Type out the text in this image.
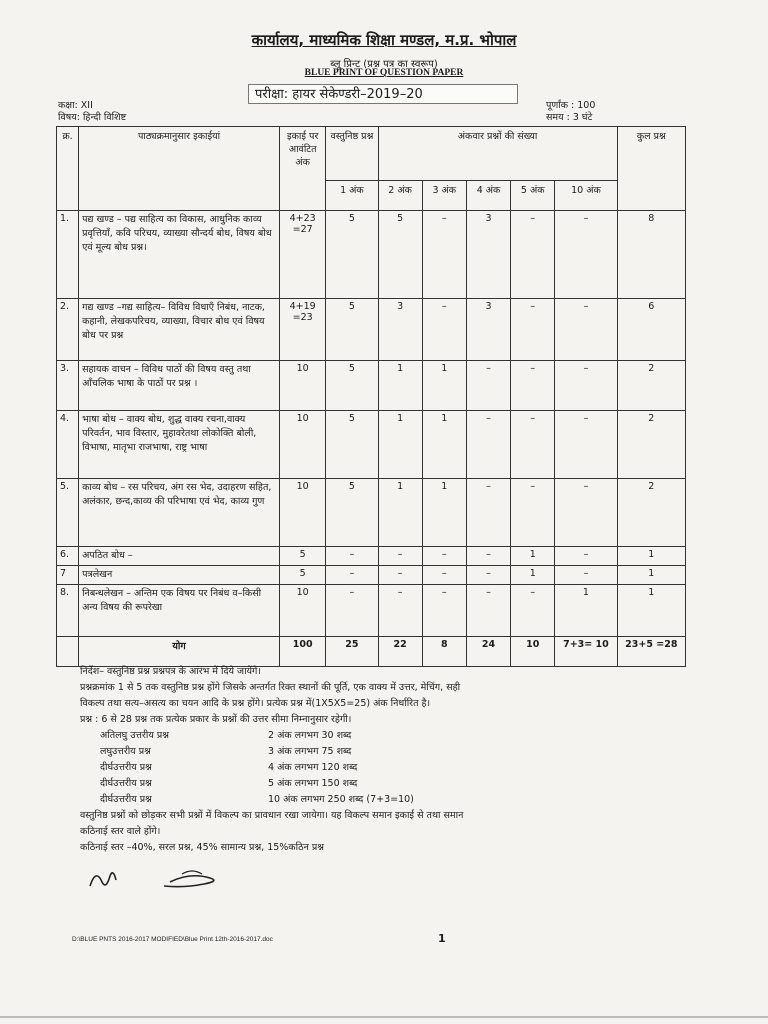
कार्यालय, माध्यमिक शिक्षा मण्डल, म.प्र. भोपाल
ब्लू प्रिन्ट (प्रश्न पत्र का स्वरूप)
BLUE PRINT OF QUESTION PAPER
परीक्षा: हायर सेकेण्डरी–2019–20
कक्षा: XII
विषय: हिन्दी विशिष्ट
पूर्णांक : 100
समय : 3 घंटे
क्र.	पाठ्यक्रमानुसार इकाईयां	इकाई पर आवंटित अंक	वस्तुनिष्ठ प्रश्न	अंकवार प्रश्नों की संख्या					कुल प्रश्न
			1 अंक	2 अंक	3 अंक	4 अंक	5 अंक	10 अंक	
1.	पद्य खण्ड – पद्य साहित्य का विकास, आधुनिक काव्य प्रवृत्तियाँ, कवि परिचय, व्याख्या सौन्दर्य बोध, विषय बोध एवं मूल्य बोध प्रश्न।	4+23 =27	5	5	–	3	–	–	8
2.	गद्य खण्ड –गद्य साहित्य– विविध विधाएँ निबंध, नाटक, कहानी, लेखकपरिचय, व्याख्या, विचार बोध एवं विषय बोध पर प्रश्न	4+19 =23	5	3	–	3	–	–	6
3.	सहायक वाचन – विविध पाठों की विषय वस्तु तथा आँचलिक भाषा के पाठों पर प्रश्न ।	10	5	1	1	–	–	–	2
4.	भाषा बोध – वाक्य बोध, शुद्ध वाक्य रचना,वाक्य परिवर्तन, भाव विस्तार, मुहावरेतथा लोकोक्ति बोली, विभाषा, मातृभा राजभाषा, राष्ट्र भाषा	10	5	1	1	–	–	–	2
5.	काव्य बोध – रस परिचय, अंग रस भेद, उदाहरण सहित, अलंकार, छन्द,काव्य की परिभाषा एवं भेद, काव्य गुण	10	5	1	1	–	–	–	2
6.	अपठित बोध –	5	–	–	–	–	1	–	1
7	पत्रलेखन	5	–	–	–	–	1	–	1
8.	निबन्धलेखन – अन्तिम एक विषय पर निबंध व–किसी अन्य विषय की रूपरेखा	10	–	–	–	–	–	1	1
	योग	100	25	22	8	24	10	7+3= 10	23+5 =28
निर्देश– वस्तुनिष्ठ प्रश्न प्रश्नपत्र के आरंभ में दिये जायेंगे।
प्रश्नक्रमांक 1 से 5 तक वस्तुनिष्ठ प्रश्न होंगे जिसके अन्तर्गत रिक्त स्थानों की पूर्ति, एक वाक्य में उत्तर, मेचिंग, सही
विकल्प तथा सत्य–असत्य का चयन आदि के प्रश्न होंगे। प्रत्येक प्रश्न में(1X5X5=25) अंक निर्धारित है।
प्रश्न : 6 से 28 प्रश्न तक प्रत्येक प्रकार के प्रश्नों की उत्तर सीमा निम्नानुसार रहेगी।
अतिलघु उत्तरीय प्रश्न	2 अंक लगभग 30 शब्द
लघुउत्तरीय प्रश्न	3 अंक लगभग 75 शब्द
दीर्घउत्तरीय प्रश्न	4 अंक लगभग 120 शब्द
दीर्घउत्तरीय प्रश्न	5 अंक लगभग 150 शब्द
दीर्घउत्तरीय प्रश्न	10 अंक लगभग 250 शब्द (7+3=10)
वस्तुनिष्ठ प्रश्नों को छोड़कर सभी प्रश्नों में विकल्प का प्रावधान रखा जायेगा। यह विकल्प समान इकाई से तथा समान
कठिनाई स्तर वाले होंगे।
कठिनाई स्तर –40%, सरल प्रश्न, 45% सामान्य प्रश्न, 15%कठिन प्रश्न
D:\BLUE PNTS 2016-2017 MODIFIED\Blue Print 12th-2016-2017.doc	1
